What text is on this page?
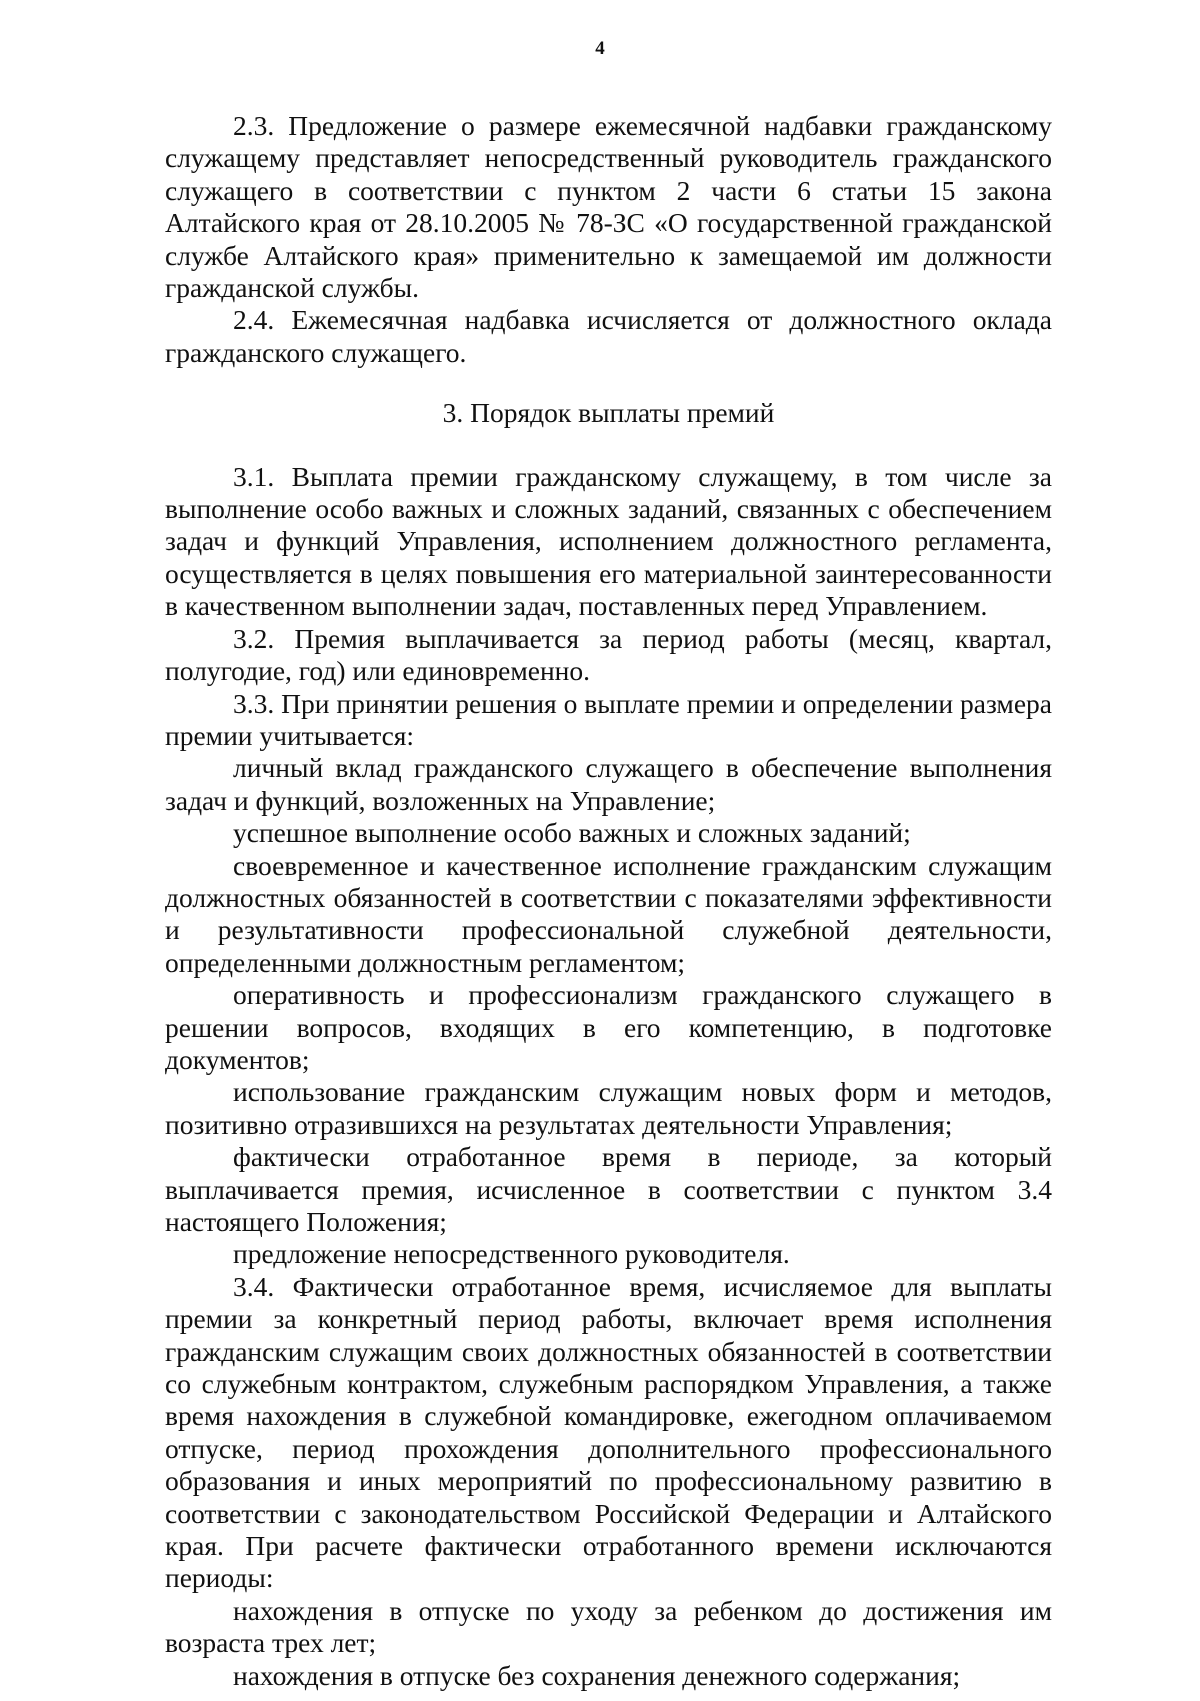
4

2.3. Предложение о размере ежемесячной надбавки гражданскому служащему представляет непосредственный руководитель гражданского служащего в соответствии с пунктом 2 части 6 статьи 15 закона Алтайского края от 28.10.2005 № 78-ЗС «О государственной гражданской службе Алтайского края» применительно к замещаемой им должности гражданской службы.

2.4. Ежемесячная надбавка исчисляется от должностного оклада гражданского служащего.

3. Порядок выплаты премий

3.1. Выплата премии гражданскому служащему, в том числе за выполнение особо важных и сложных заданий, связанных с обеспечением задач и функций Управления, исполнением должностного регламента, осуществляется в целях повышения его материальной заинтересованности в качественном выполнении задач, поставленных перед Управлением.

3.2. Премия выплачивается за период работы (месяц, квартал, полугодие, год) или единовременно.

3.3. При принятии решения о выплате премии и определении размера премии учитывается:

личный вклад гражданского служащего в обеспечение выполнения задач и функций, возложенных на Управление;

успешное выполнение особо важных и сложных заданий;

своевременное и качественное исполнение гражданским служащим должностных обязанностей в соответствии с показателями эффективности и результативности профессиональной служебной деятельности, определенными должностным регламентом;

оперативность и профессионализм гражданского служащего в решении вопросов, входящих в его компетенцию, в подготовке документов;

использование гражданским служащим новых форм и методов, позитивно отразившихся на результатах деятельности Управления;

фактически отработанное время в периоде, за который выплачивается премия, исчисленное в соответствии с пунктом 3.4 настоящего Положения;

предложение непосредственного руководителя.

3.4. Фактически отработанное время, исчисляемое для выплаты премии за конкретный период работы, включает время исполнения гражданским служащим своих должностных обязанностей в соответствии со служебным контрактом, служебным распорядком Управления, а также время нахождения в служебной командировке, ежегодном оплачиваемом отпуске, период прохождения дополнительного профессионального образования и иных мероприятий по профессиональному развитию в соответствии с законодательством Российской Федерации и Алтайского края. При расчете фактически отработанного времени исключаются периоды:

нахождения в отпуске по уходу за ребенком до достижения им возраста трех лет;

нахождения в отпуске без сохранения денежного содержания;
